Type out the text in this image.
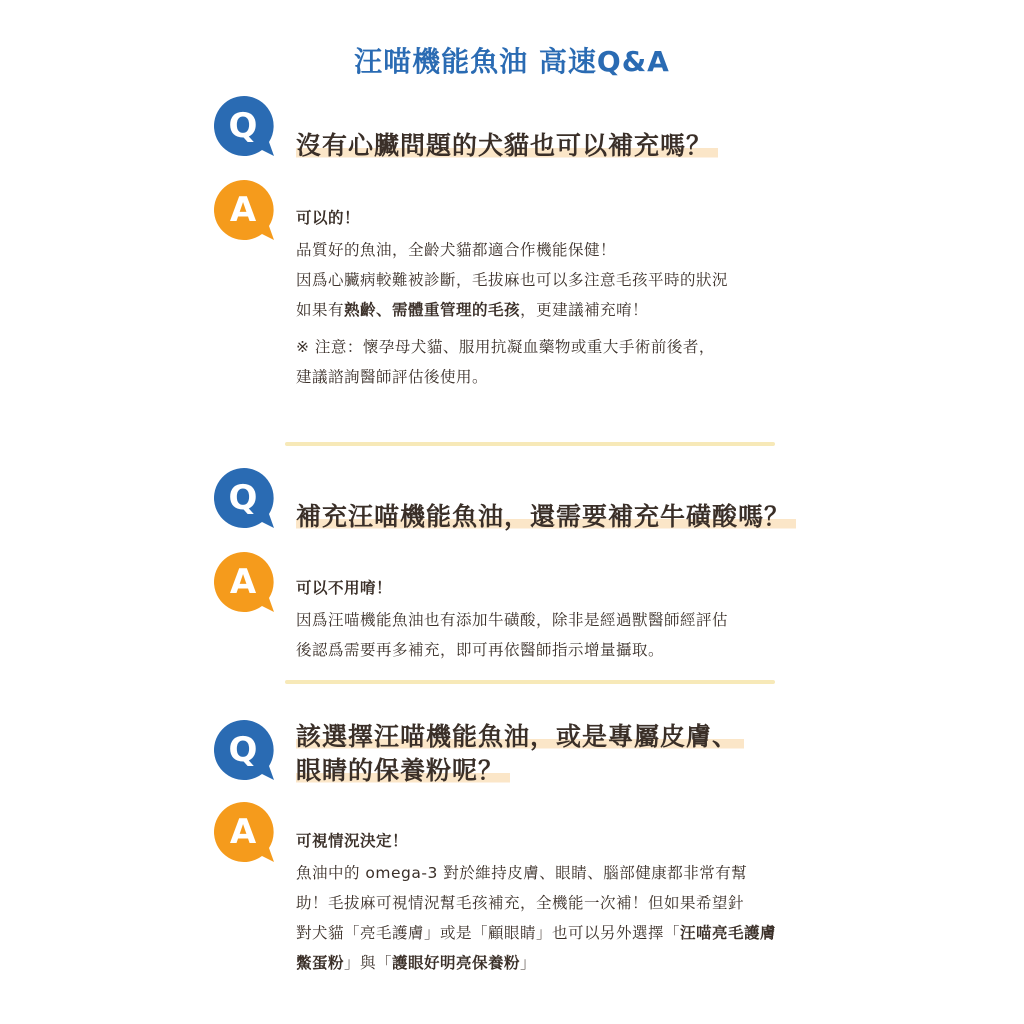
汪喵機能魚油 高速Q&A
Q 沒有心臟問題的犬貓也可以補充嗎？
A	可以的！
品質好的魚油，全齡犬貓都適合作機能保健！
因爲心臟病較難被診斷，毛拔麻也可以多注意毛孩平時的狀況
如果有熟齡、需體重管理的毛孩，更建議補充唷！
※ 注意：懷孕母犬貓、服用抗凝血藥物或重大手術前後者，
建議諮詢醫師評估後使用。
Q 補充汪喵機能魚油，還需要補充牛磺酸嗎？
A	可以不用唷！
因爲汪喵機能魚油也有添加牛磺酸，除非是經過獸醫師經評估
後認爲需要再多補充，即可再依醫師指示增量攝取。
Q 該選擇汪喵機能魚油，或是專屬皮膚、
眼睛的保養粉呢？
A	可視情況決定！
魚油中的 omega-3 對於維持皮膚、眼睛、腦部健康都非常有幫
助！毛拔麻可視情況幫毛孩補充，全機能一次補！但如果希望針
對犬貓「亮毛護膚」或是「顧眼睛」也可以另外選擇「汪喵亮毛護膚
鱉蛋粉」與「護眼好明亮保養粉」
